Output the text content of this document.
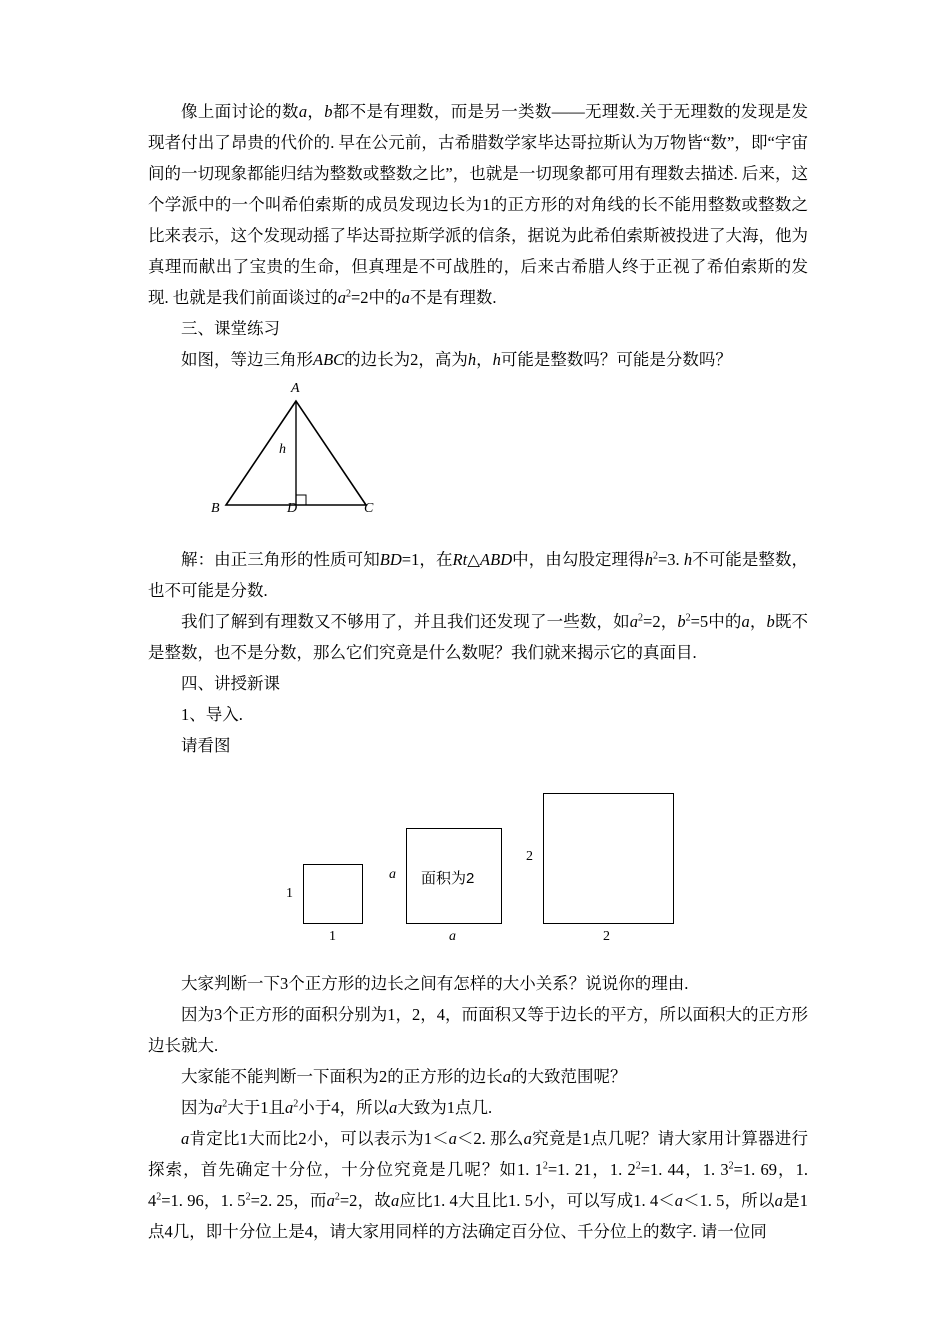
像上面讨论的数a，b都不是有理数，而是另一类数——无理数.关于无理数的发现是发现者付出了昂贵的代价的. 早在公元前，古希腊数学家毕达哥拉斯认为万物皆“数”，即“宇宙间的一切现象都能归结为整数或整数之比”，也就是一切现象都可用有理数去描述. 后来，这个学派中的一个叫希伯索斯的成员发现边长为1的正方形的对角线的长不能用整数或整数之比来表示，这个发现动摇了毕达哥拉斯学派的信条，据说为此希伯索斯被投进了大海，他为真理而献出了宝贵的生命，但真理是不可战胜的，后来古希腊人终于正视了希伯索斯的发现. 也就是我们前面谈过的$a^2=2$中的a不是有理数.

三、课堂练习

如图，等边三角形ABC的边长为2，高为h，h可能是整数吗？可能是分数吗？

A
B	C
D
h

解：由正三角形的性质可知BD=1，在Rt△ABD中，由勾股定理得$h^2=3$. h不可能是整数，也不可能是分数.

我们了解到有理数又不够用了，并且我们还发现了一些数，如$a^2=2$，$b^2=5$中的a，b既不是整数，也不是分数，那么它们究竟是什么数呢？我们就来揭示它的真面目.

四、讲授新课

1、导入.

请看图

1
1
面积为2
a
a
2
2

大家判断一下3个正方形的边长之间有怎样的大小关系？说说你的理由.

因为3个正方形的面积分别为1，2，4，而面积又等于边长的平方，所以面积大的正方形边长就大.

大家能不能判断一下面积为2的正方形的边长a的大致范围呢？

因为$a^2$大于1且$a^2$小于4，所以a大致为1点几.

a肯定比1大而比2小，可以表示为1＜a＜2. 那么a究竟是1点几呢？请大家用计算器进行探索，首先确定十分位，十分位究竟是几呢？如1. $1^2=1$. 21，1. $2^2=1$. 44，1. $3^2=1$. 69，1. $4^2=1$. 96，1. $5^2=2$. 25，而$a^2=2$，故a应比1. 4大且比1. 5小，可以写成1. 4＜a＜1. 5，所以a是1点4几，即十分位上是4，请大家用同样的方法确定百分位、千分位上的数字. 请一位同
